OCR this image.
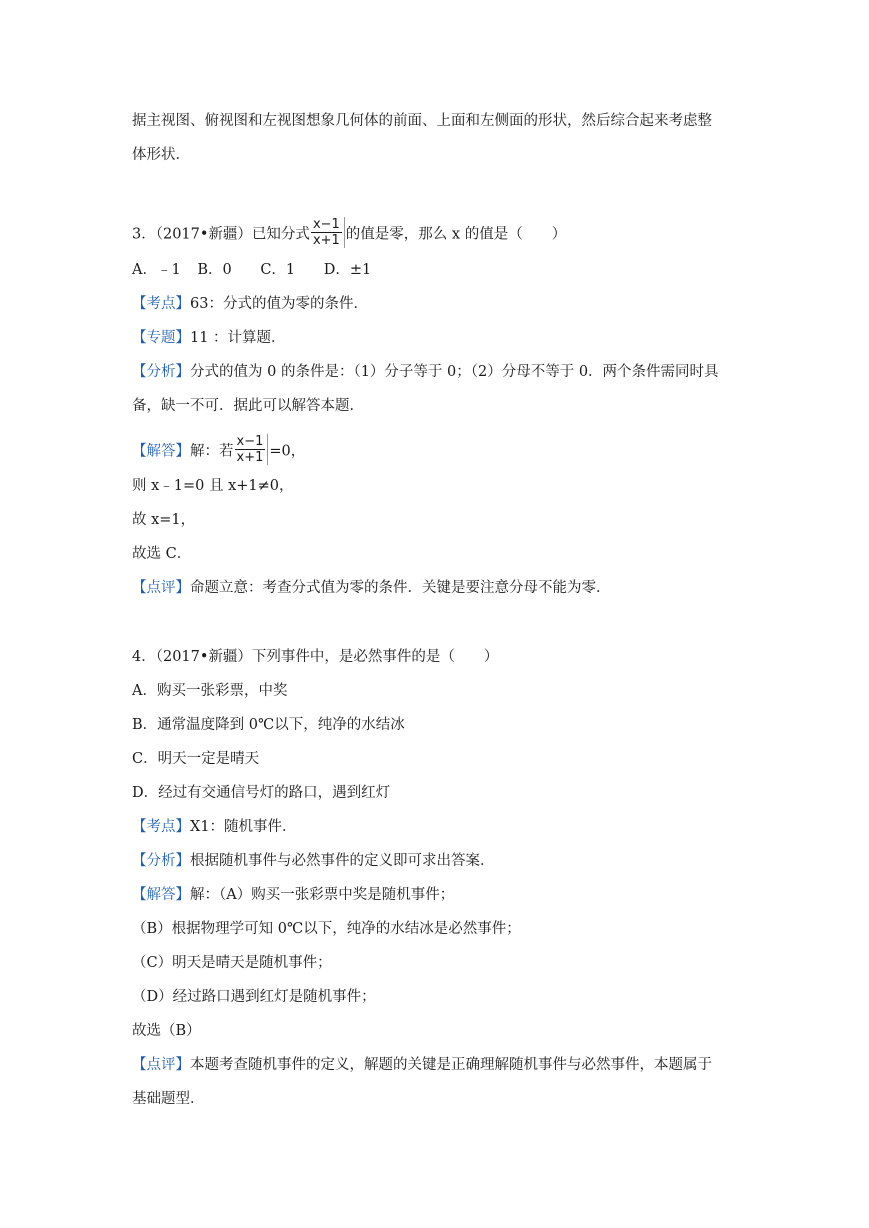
据主视图、俯视图和左视图想象几何体的前面、上面和左侧面的形状，然后综合起来考虑整
体形状．
3．（2017•新疆）已知分式 $\frac{x-1}{x+1}$ 的值是零，那么 x 的值是（　　）
A．﹣1 B．0 C．1 D．±1
【考点】63：分式的值为零的条件．
【专题】11 ：计算题．
【分析】分式的值为 0 的条件是：（1）分子等于 0；（2）分母不等于 0．两个条件需同时具
备，缺一不可．据此可以解答本题．
【解答】解：若 $\frac{x-1}{x+1} =0$，
则 x﹣1=0 且 x+1≠0，
故 x=1，
故选 C．
【点评】命题立意：考查分式值为零的条件．关键是要注意分母不能为零．
4．（2017•新疆）下列事件中，是必然事件的是（　　）
A．购买一张彩票，中奖
B．通常温度降到 0℃以下，纯净的水结冰
C．明天一定是晴天
D．经过有交通信号灯的路口，遇到红灯
【考点】X1：随机事件．
【分析】根据随机事件与必然事件的定义即可求出答案．
【解答】解：（A）购买一张彩票中奖是随机事件；
（B）根据物理学可知 0℃以下，纯净的水结冰是必然事件；
（C）明天是晴天是随机事件；
（D）经过路口遇到红灯是随机事件；
故选（B）
【点评】本题考查随机事件的定义，解题的关键是正确理解随机事件与必然事件，本题属于
基础题型．
